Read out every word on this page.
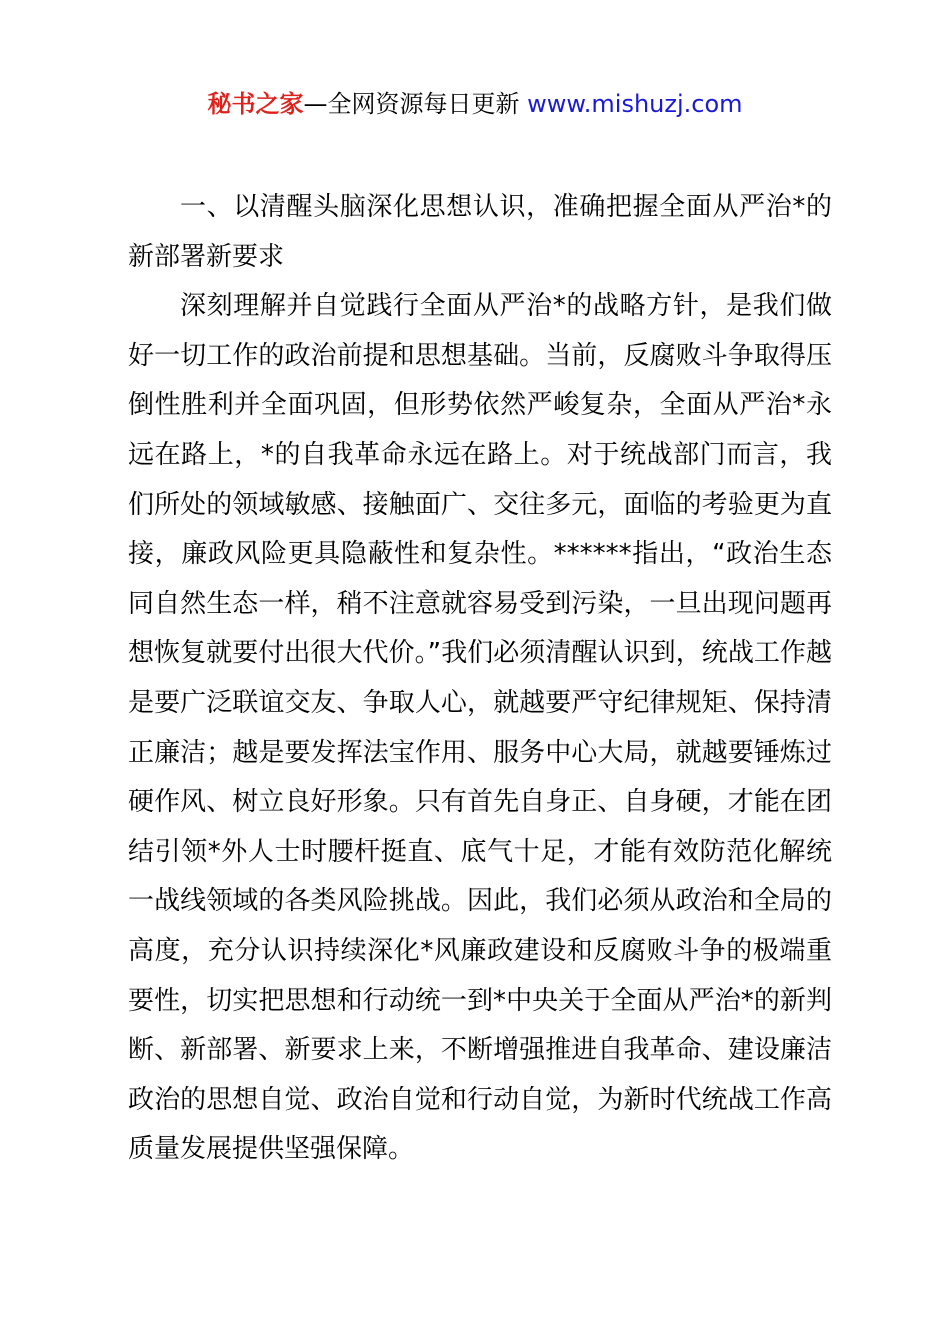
秘书之家—全网资源每日更新 www.mishuzj.com

一、以清醒头脑深化思想认识，准确把握全面从严治*的新部署新要求

深刻理解并自觉践行全面从严治*的战略方针，是我们做好一切工作的政治前提和思想基础。当前，反腐败斗争取得压倒性胜利并全面巩固，但形势依然严峻复杂，全面从严治*永远在路上，*的自我革命永远在路上。对于统战部门而言，我们所处的领域敏感、接触面广、交往多元，面临的考验更为直接，廉政风险更具隐蔽性和复杂性。******指出，“政治生态同自然生态一样，稍不注意就容易受到污染，一旦出现问题再想恢复就要付出很大代价。”我们必须清醒认识到，统战工作越是要广泛联谊交友、争取人心，就越要严守纪律规矩、保持清正廉洁；越是要发挥法宝作用、服务中心大局，就越要锤炼过硬作风、树立良好形象。只有首先自身正、自身硬，才能在团结引领*外人士时腰杆挺直、底气十足，才能有效防范化解统一战线领域的各类风险挑战。因此，我们必须从政治和全局的高度，充分认识持续深化*风廉政建设和反腐败斗争的极端重要性，切实把思想和行动统一到*中央关于全面从严治*的新判断、新部署、新要求上来，不断增强推进自我革命、建设廉洁政治的思想自觉、政治自觉和行动自觉，为新时代统战工作高质量发展提供坚强保障。
